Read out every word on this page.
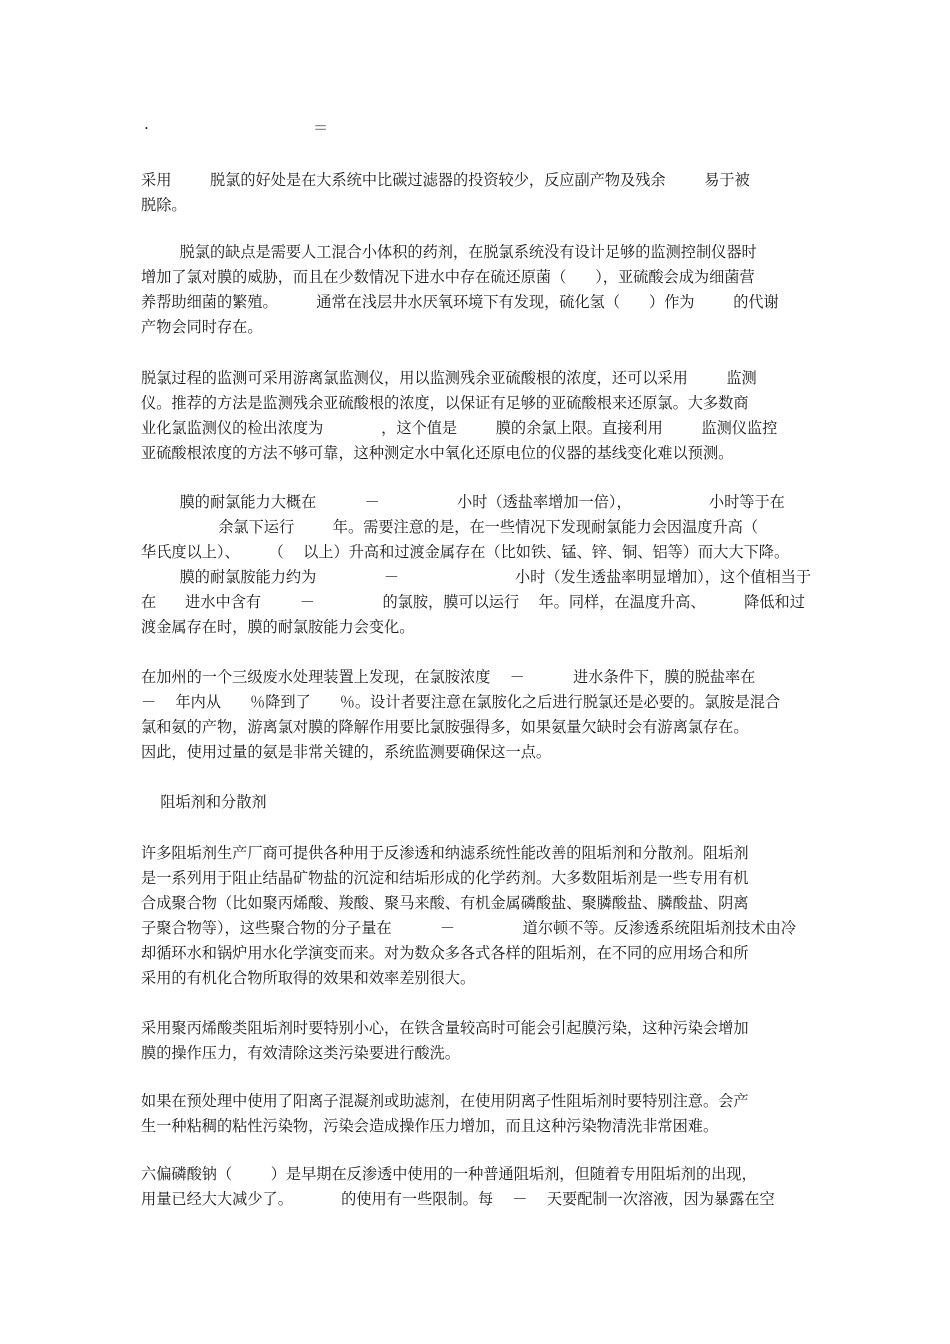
·	＝
采用        脱氯的好处是在大系统中比碳过滤器的投资较少，反应副产物及残余        易于被
脱除。
脱氯的缺点是需要人工混合小体积的药剂，在脱氯系统没有设计足够的监测控制仪器时
增加了氯对膜的威胁，而且在少数情况下进水中存在硫还原菌（      ），亚硫酸会成为细菌营
养帮助细菌的繁殖。        通常在浅层井水厌氧环境下有发现，硫化氢（      ）作为        的代谢
产物会同时存在。
脱氯过程的监测可采用游离氯监测仪，用以监测残余亚硫酸根的浓度，还可以采用        监测
仪。推荐的方法是监测残余亚硫酸根的浓度，以保证有足够的亚硫酸根来还原氯。大多数商
业化氯监测仪的检出浓度为            ，这个值是        膜的余氯上限。直接利用        监测仪监控
亚硫酸根浓度的方法不够可靠，这种测定水中氧化还原电位的仪器的基线变化难以预测。
膜的耐氯能力大概在          －                小时（透盐率增加一倍），                小时等于在
余氯下运行        年。需要注意的是，在一些情况下发现耐氯能力会因温度升高（
华氏度以上）、      （    以上）升高和过渡金属存在（比如铁、锰、锌、铜、铝等）而大大下降。
膜的耐氯胺能力约为              －                        小时（发生透盐率明显增加），这个值相当于
在      进水中含有        －              的氯胺，膜可以运行    年。同样，在温度升高、        降低和过
渡金属存在时，膜的耐氯胺能力会变化。
在加州的一个三级废水处理装置上发现，在氯胺浓度    －          进水条件下，膜的脱盐率在
－    年内从      ％降到了      ％。设计者要注意在氯胺化之后进行脱氯还是必要的。氯胺是混合
氯和氨的产物，游离氯对膜的降解作用要比氯胺强得多，如果氨量欠缺时会有游离氯存在。
因此，使用过量的氨是非常关键的，系统监测要确保这一点。
阻垢剂和分散剂
许多阻垢剂生产厂商可提供各种用于反渗透和纳滤系统性能改善的阻垢剂和分散剂。阻垢剂
是一系列用于阻止结晶矿物盐的沉淀和结垢形成的化学药剂。大多数阻垢剂是一些专用有机
合成聚合物（比如聚丙烯酸、羧酸、聚马来酸、有机金属磷酸盐、聚膦酸盐、膦酸盐、阴离
子聚合物等），这些聚合物的分子量在          －              道尔顿不等。反渗透系统阻垢剂技术由冷
却循环水和锅炉用水化学演变而来。对为数众多各式各样的阻垢剂，在不同的应用场合和所
采用的有机化合物所取得的效果和效率差别很大。
采用聚丙烯酸类阻垢剂时要特别小心，在铁含量较高时可能会引起膜污染，这种污染会增加
膜的操作压力，有效清除这类污染要进行酸洗。
如果在预处理中使用了阳离子混凝剂或助滤剂，在使用阴离子性阻垢剂时要特别注意。会产
生一种粘稠的粘性污染物，污染会造成操作压力增加，而且这种污染物清洗非常困难。
六偏磷酸钠（        ）是早期在反渗透中使用的一种普通阻垢剂，但随着专用阻垢剂的出现，
用量已经大大减少了。          的使用有一些限制。每    －    天要配制一次溶液，因为暴露在空
